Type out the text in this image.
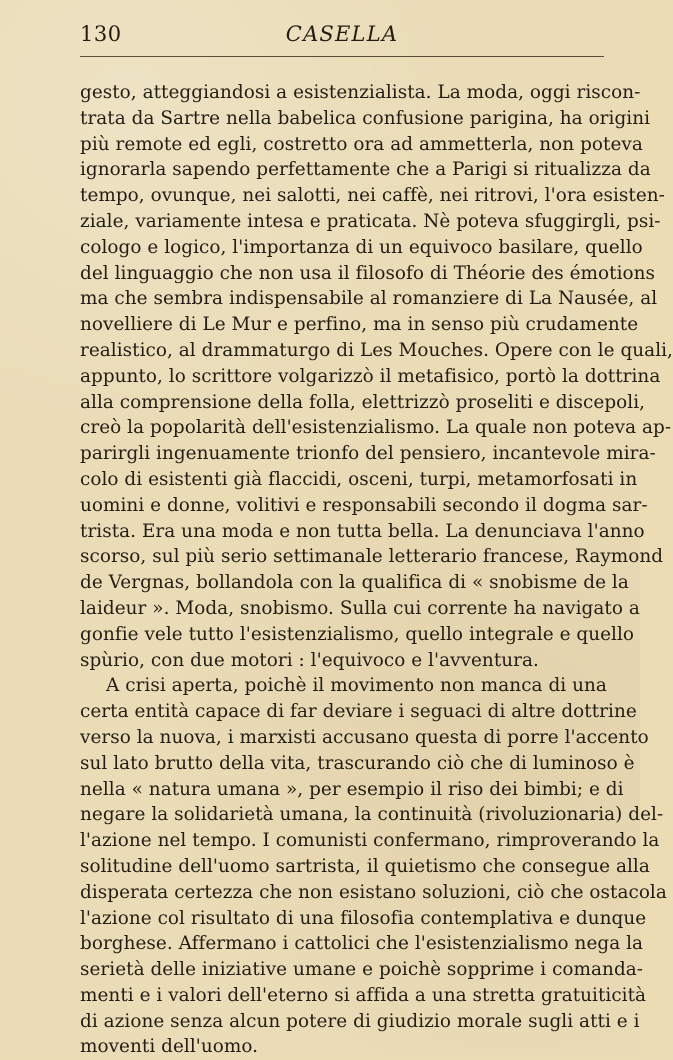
130	CASELLA
gesto, atteggiandosi a esistenzialista. La moda, oggi riscon-
trata da Sartre nella babelica confusione parigina, ha origini
più remote ed egli, costretto ora ad ammetterla, non poteva
ignorarla sapendo perfettamente che a Parigi si ritualizza da
tempo, ovunque, nei salotti, nei caffè, nei ritrovi, l'ora esisten-
ziale, variamente intesa e praticata. Nè poteva sfuggirgli, psi-
cologo e logico, l'importanza di un equivoco basilare, quello
del linguaggio che non usa il filosofo di Théorie des émotions
ma che sembra indispensabile al romanziere di La Nausée, al
novelliere di Le Mur e perfino, ma in senso più crudamente
realistico, al drammaturgo di Les Mouches. Opere con le quali,
appunto, lo scrittore volgarizzò il metafisico, portò la dottrina
alla comprensione della folla, elettrizzò proseliti e discepoli,
creò la popolarità dell'esistenzialismo. La quale non poteva ap-
parirgli ingenuamente trionfo del pensiero, incantevole mira-
colo di esistenti già flaccidi, osceni, turpi, metamorfosati in
uomini e donne, volitivi e responsabili secondo il dogma sar-
trista. Era una moda e non tutta bella. La denunciava l'anno
scorso, sul più serio settimanale letterario francese, Raymond
de Vergnas, bollandola con la qualifica di « snobisme de la
laideur ». Moda, snobismo. Sulla cui corrente ha navigato a
gonfie vele tutto l'esistenzialismo, quello integrale e quello
spùrio, con due motori : l'equivoco e l'avventura.
A crisi aperta, poichè il movimento non manca di una
certa entità capace di far deviare i seguaci di altre dottrine
verso la nuova, i marxisti accusano questa di porre l'accento
sul lato brutto della vita, trascurando ciò che di luminoso è
nella « natura umana », per esempio il riso dei bimbi; e di
negare la solidarietà umana, la continuità (rivoluzionaria) del-
l'azione nel tempo. I comunisti confermano, rimproverando la
solitudine dell'uomo sartrista, il quietismo che consegue alla
disperata certezza che non esistano soluzioni, ciò che ostacola
l'azione col risultato di una filosofia contemplativa e dunque
borghese. Affermano i cattolici che l'esistenzialismo nega la
serietà delle iniziative umane e poichè sopprime i comanda-
menti e i valori dell'eterno si affida a una stretta gratuiticità
di azione senza alcun potere di giudizio morale sugli atti e i
moventi dell'uomo.
